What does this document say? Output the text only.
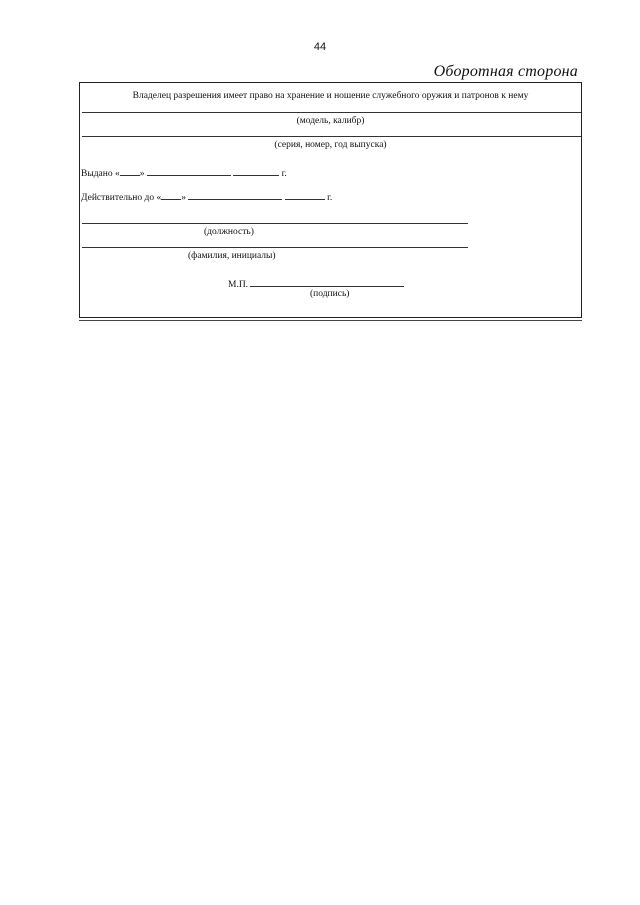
44
Оборотная сторона
Владелец разрешения имеет право на хранение и ношение служебного оружия и патронов к нему
(модель, калибр)
(серия, номер, год выпуска)
Выдано « »	г.
Действительно до « »	г.
(должность)
(фамилия, инициалы)
М.П.
(подпись)
